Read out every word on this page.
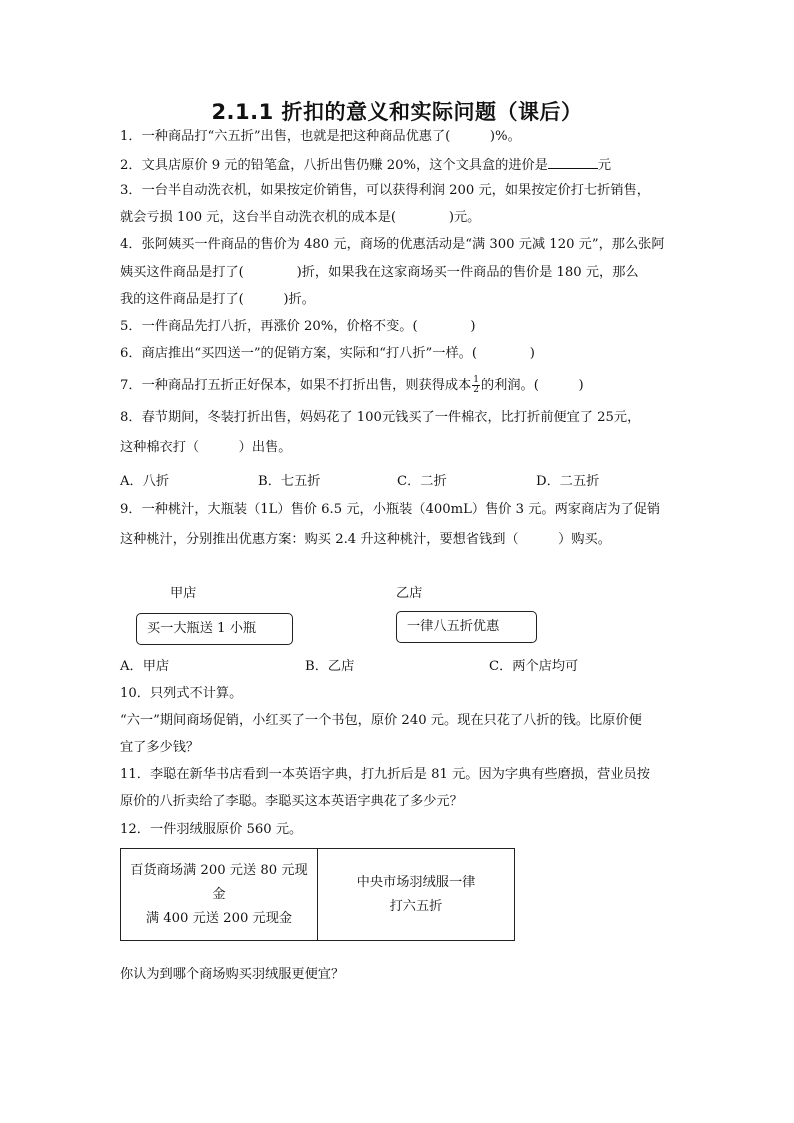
2.1.1 折扣的意义和实际问题（课后）
1．一种商品打“六五折”出售，也就是把这种商品优惠了(　　　)%。
2．文具店原价 9 元的铅笔盒，八折出售仍赚 20%，这个文具盒的进价是	元
3．一台半自动洗衣机，如果按定价销售，可以获得利润 200 元，如果按定价打七折销售，
就会亏损 100 元，这台半自动洗衣机的成本是(　　　　)元。
4．张阿姨买一件商品的售价为 480 元，商场的优惠活动是“满 300 元减 120 元”，那么张阿
姨买这件商品是打了(　　　　)折，如果我在这家商场买一件商品的售价是 180 元，那么
我的这件商品是打了(　　　)折。
5．一件商品先打八折，再涨价 20%，价格不变。(　　　　)
6．商店推出“买四送一”的促销方案，实际和“打八折”一样。(　　　　)
7．一种商品打五折正好保本，如果不打折出售，则获得成本 $\frac{1}{2}$ 的利润。(　　　)
8．春节期间，冬装打折出售，妈妈花了 100元钱买了一件棉衣，比打折前便宜了 25元，
这种棉衣打（　　　）出售。
A．八折	B．七五折	C．二折	D．二五折
9．一种桃汁，大瓶装（1L）售价 6.5 元，小瓶装（400mL）售价 3 元。两家商店为了促销
这种桃汁，分别推出优惠方案：购买 2.4 升这种桃汁，要想省钱到（　　　）购买。
甲店	乙店
买一大瓶送 1 小瓶	一律八五折优惠
A．甲店	B．乙店	C．两个店均可
10．只列式不计算。
“六一”期间商场促销，小红买了一个书包，原价 240 元。现在只花了八折的钱。比原价便
宜了多少钱？
11．李聪在新华书店看到一本英语字典，打九折后是 81 元。因为字典有些磨损，营业员按
原价的八折卖给了李聪。李聪买这本英语字典花了多少元？
12．一件羽绒服原价 560 元。
百货商场满 200 元送 80 元现
金
满 400 元送 200 元现金
中央市场羽绒服一律
打六五折
你认为到哪个商场购买羽绒服更便宜？
